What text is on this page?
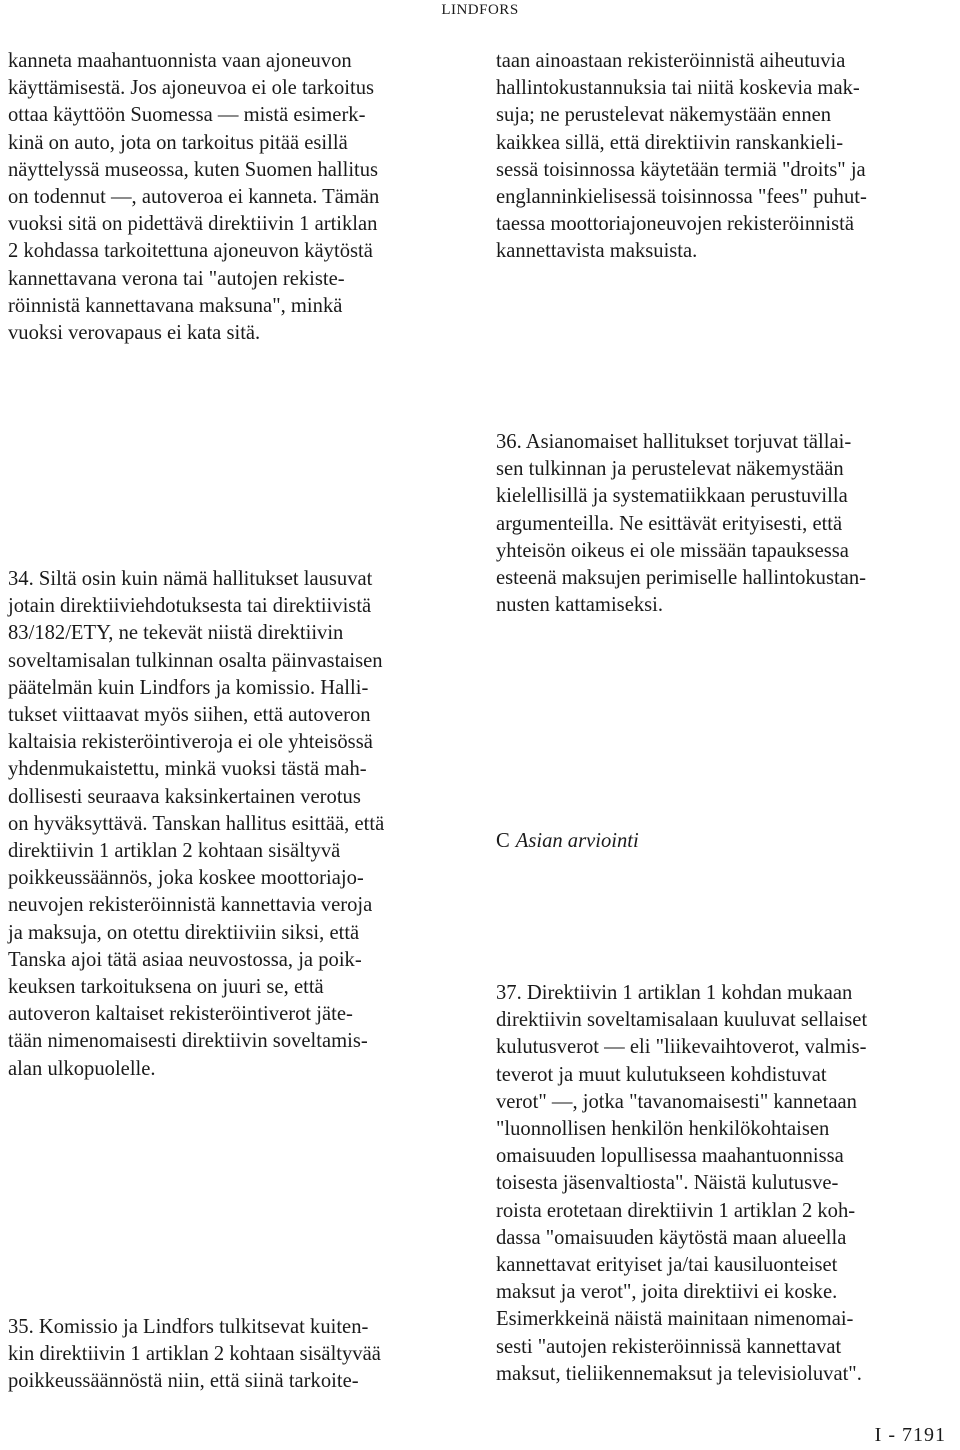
LINDFORS
kanneta maahantuonnista vaan ajoneuvon
käyttämisestä. Jos ajoneuvoa ei ole tarkoitus
ottaa käyttöön Suomessa — mistä esimerk-
kinä on auto, jota on tarkoitus pitää esillä
näyttelyssä museossa, kuten Suomen hallitus
on todennut —, autoveroa ei kanneta. Tämän
vuoksi sitä on pidettävä direktiivin 1 artiklan
2 kohdassa tarkoitettuna ajoneuvon käytöstä
kannettavana verona tai "autojen rekiste-
röinnistä kannettavana maksuna", minkä
vuoksi verovapaus ei kata sitä.
34. Siltä osin kuin nämä hallitukset lausuvat
jotain direktiiviehdotuksesta tai direktiivistä
83/182/ETY, ne tekevät niistä direktiivin
soveltamisalan tulkinnan osalta päinvastaisen
päätelmän kuin Lindfors ja komissio. Halli-
tukset viittaavat myös siihen, että autoveron
kaltaisia rekisteröintiveroja ei ole yhteisössä
yhdenmukaistettu, minkä vuoksi tästä mah-
dollisesti seuraava kaksinkertainen verotus
on hyväksyttävä. Tanskan hallitus esittää, että
direktiivin 1 artiklan 2 kohtaan sisältyvä
poikkeussäännös, joka koskee moottoriajo-
neuvojen rekisteröinnistä kannettavia veroja
ja maksuja, on otettu direktiiviin siksi, että
Tanska ajoi tätä asiaa neuvostossa, ja poik-
keuksen tarkoituksena on juuri se, että
autoveron kaltaiset rekisteröintiverot jäte-
tään nimenomaisesti direktiivin soveltamis-
alan ulkopuolelle.
35. Komissio ja Lindfors tulkitsevat kuiten-
kin direktiivin 1 artiklan 2 kohtaan sisältyvää
poikkeussäännöstä niin, että siinä tarkoite-
taan ainoastaan rekisteröinnistä aiheutuvia
hallintokustannuksia tai niitä koskevia mak-
suja; ne perustelevat näkemystään ennen
kaikkea sillä, että direktiivin ranskankieli-
sessä toisinnossa käytetään termiä "droits" ja
englanninkielisessä toisinnossa "fees" puhut-
taessa moottoriajoneuvojen rekisteröinnistä
kannettavista maksuista.
36. Asianomaiset hallitukset torjuvat tällai-
sen tulkinnan ja perustelevat näkemystään
kielellisillä ja systematiikkaan perustuvilla
argumenteilla. Ne esittävät erityisesti, että
yhteisön oikeus ei ole missään tapauksessa
esteenä maksujen perimiselle hallintokustan-
nusten kattamiseksi.
C Asian arviointi
37. Direktiivin 1 artiklan 1 kohdan mukaan
direktiivin soveltamisalaan kuuluvat sellaiset
kulutusverot — eli "liikevaihtoverot, valmis-
teverot ja muut kulutukseen kohdistuvat
verot" —, jotka "tavanomaisesti" kannetaan
"luonnollisen henkilön henkilökohtaisen
omaisuuden lopullisessa maahantuonnissa
toisesta jäsenvaltiosta". Näistä kulutusve-
roista erotetaan direktiivin 1 artiklan 2 koh-
dassa "omaisuuden käytöstä maan alueella
kannettavat erityiset ja/tai kausiluonteiset
maksut ja verot", joita direktiivi ei koske.
Esimerkkeinä näistä mainitaan nimenomai-
sesti "autojen rekisteröinnissä kannettavat
maksut, tieliikennemaksut ja televisioluvat".
I - 7191
